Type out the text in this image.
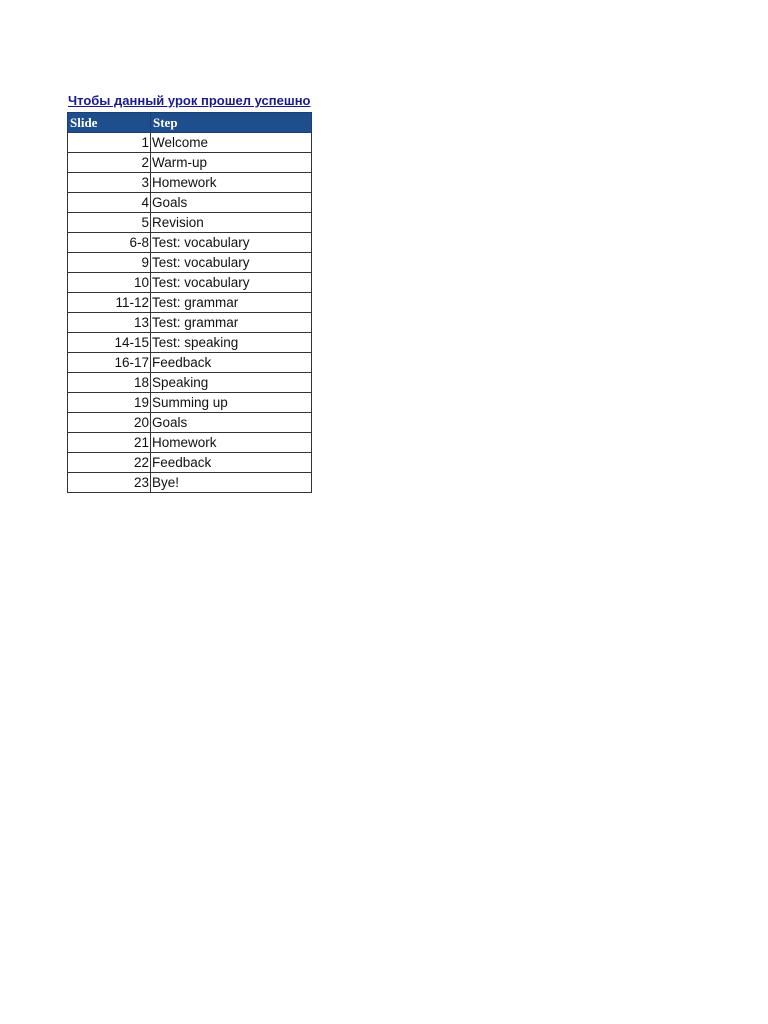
Чтобы данный урок прошел успешно
Slide	Step
1	Welcome
2	Warm-up
3	Homework
4	Goals
5	Revision
6-8	Test: vocabulary
9	Test: vocabulary
10	Test: vocabulary
11-12	Test: grammar
13	Test: grammar
14-15	Test: speaking
16-17	Feedback
18	Speaking
19	Summing up
20	Goals
21	Homework
22	Feedback
23	Bye!
